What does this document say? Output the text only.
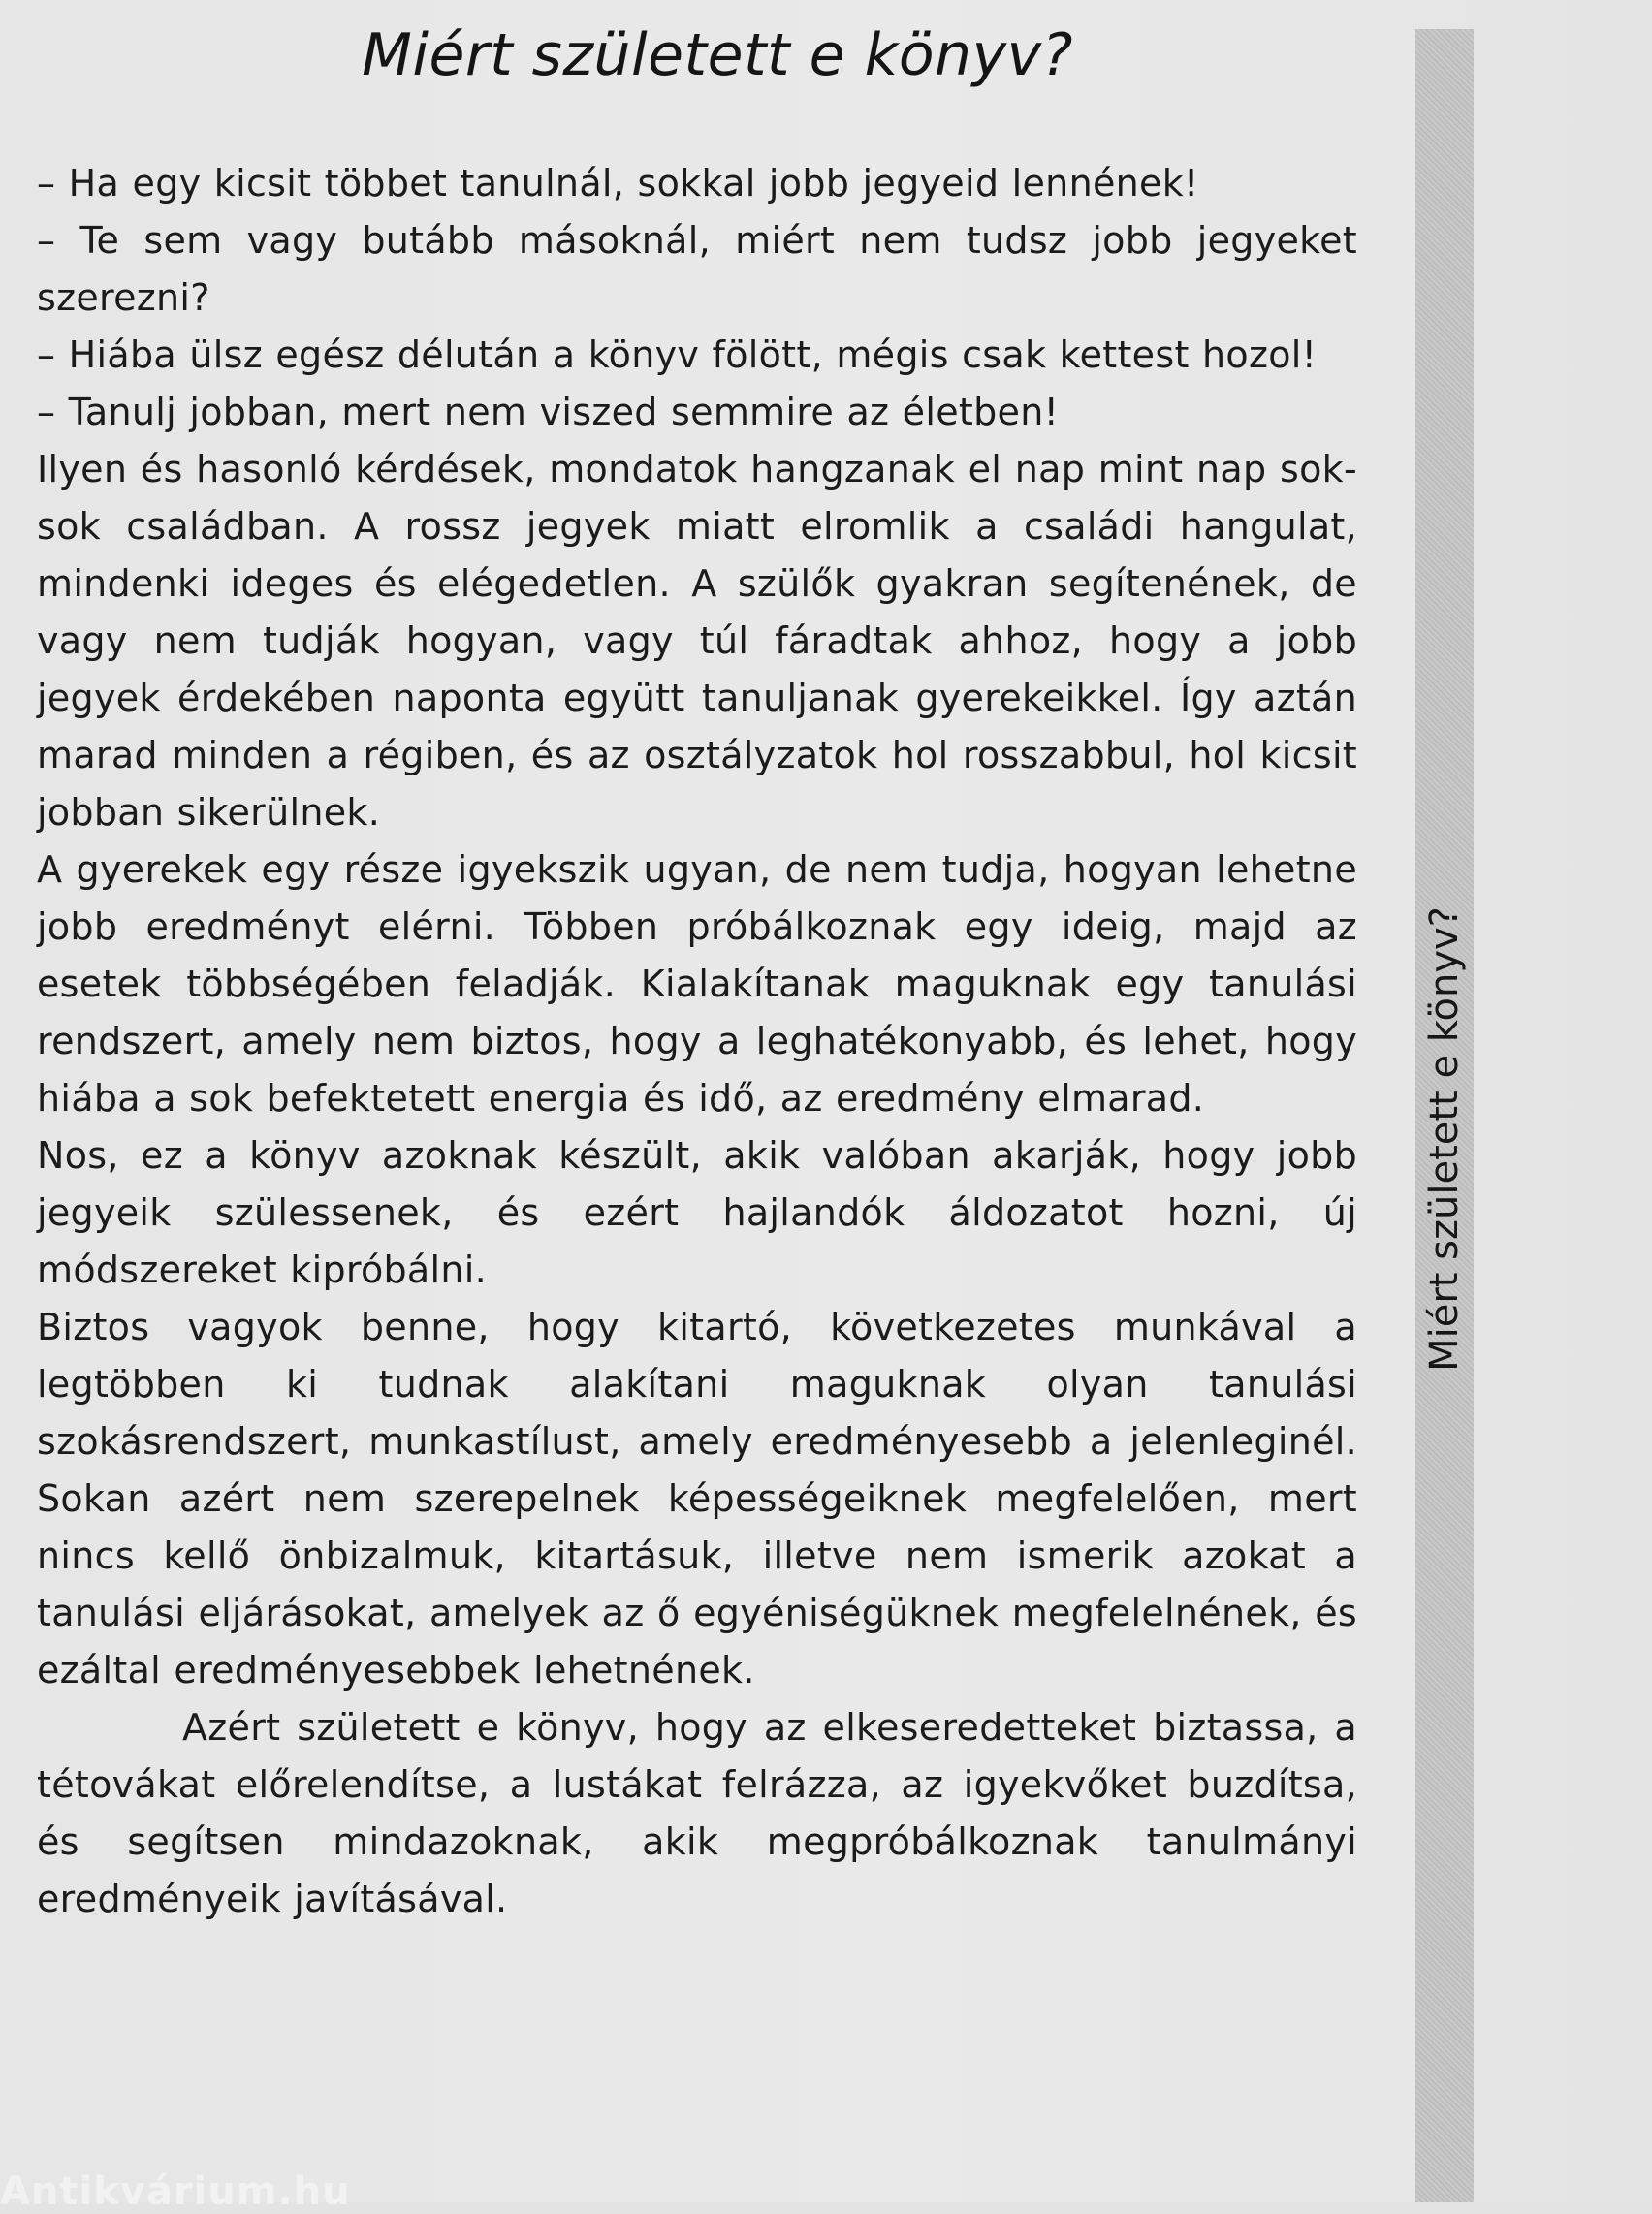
Miért született e könyv?

– Ha egy kicsit többet tanulnál, sokkal jobb jegyeid lennének!

– Te sem vagy butább másoknál, miért nem tudsz jobb jegyeket szerezni?

– Hiába ülsz egész délután a könyv fölött, mégis csak kettest hozol!

– Tanulj jobban, mert nem viszed semmire az életben!

Ilyen és hasonló kérdések, mondatok hangzanak el nap mint nap sok-sok családban. A rossz jegyek miatt elromlik a családi hangulat, mindenki ideges és elégedetlen. A szülők gyakran segítenének, de vagy nem tudják hogyan, vagy túl fáradtak ahhoz, hogy a jobb jegyek érdekében naponta együtt tanuljanak gyerekeikkel. Így aztán marad minden a régiben, és az osztályzatok hol rosszabbul, hol kicsit jobban sikerülnek.

A gyerekek egy része igyekszik ugyan, de nem tudja, hogyan lehetne jobb eredményt elérni. Többen próbálkoznak egy ideig, majd az esetek többségében feladják. Kialakítanak maguknak egy tanulási rendszert, amely nem biztos, hogy a leghatékonyabb, és lehet, hogy hiába a sok befektetett energia és idő, az eredmény elmarad.

Nos, ez a könyv azoknak készült, akik valóban akarják, hogy jobb jegyeik szülessenek, és ezért hajlandók áldozatot hozni, új módszereket kipróbálni.

Biztos vagyok benne, hogy kitartó, következetes munkával a legtöbben ki tudnak alakítani maguknak olyan tanulási szokásrendszert, munkastílust, amely eredményesebb a jelenleginél. Sokan azért nem szerepelnek képességeiknek megfelelően, mert nincs kellő önbizalmuk, kitartásuk, illetve nem ismerik azokat a tanulási eljárásokat, amelyek az ő egyéniségüknek megfelelnének, és ezáltal eredményesebbek lehetnének.

Azért született e könyv, hogy az elkeseredetteket biztassa, a tétovákat előrelendítse, a lustákat felrázza, az igyekvőket buzdítsa, és segítsen mindazoknak, akik megpróbálkoznak tanulmányi eredményeik javításával.

Miért született e könyv?
Antikvárium.hu
